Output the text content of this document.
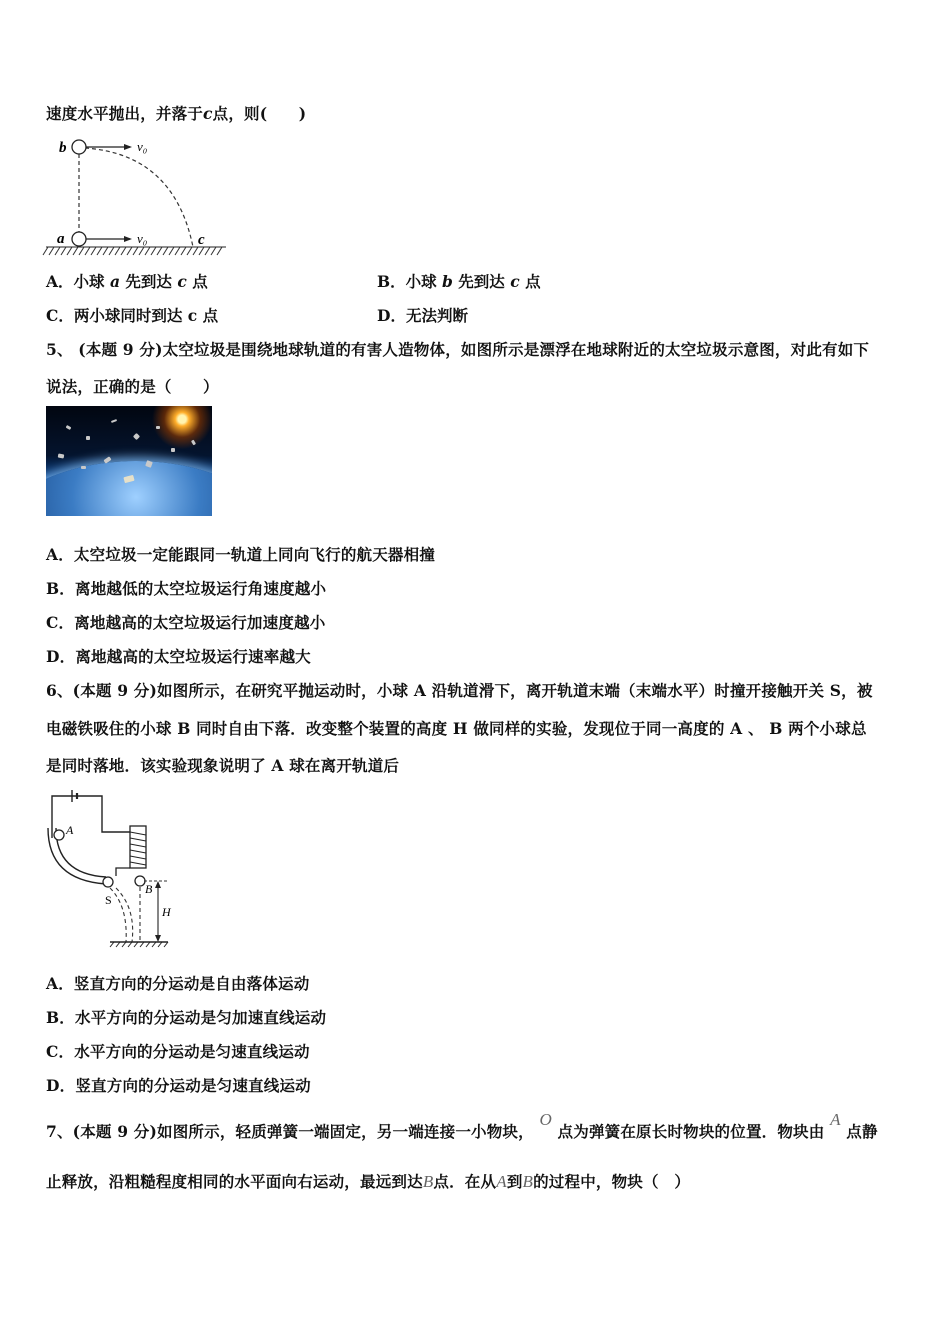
速度水平抛出，并落于c点，则(　　)
b
a	c
v₀
v₀
A．小球 a 先到达 c 点	B．小球 b 先到达 c 点
C．两小球同时到达 c 点	D．无法判断
5、 (本题 9 分)太空垃圾是围绕地球轨道的有害人造物体，如图所示是漂浮在地球附近的太空垃圾示意图，对此有如下
说法，正确的是（　　）
A．太空垃圾一定能跟同一轨道上同向飞行的航天器相撞
B．离地越低的太空垃圾运行角速度越小
C．离地越高的太空垃圾运行加速度越小
D．离地越高的太空垃圾运行速率越大
6、(本题 9 分)如图所示，在研究平抛运动时，小球 A 沿轨道滑下，离开轨道末端（末端水平）时撞开接触开关 S，被
电磁铁吸住的小球 B 同时自由下落．改变整个装置的高度 H 做同样的实验，发现位于同一高度的 A 、 B 两个小球总
是同时落地．该实验现象说明了 A 球在离开轨道后
A
B
S
H
A．竖直方向的分运动是自由落体运动
B．水平方向的分运动是匀加速直线运动
C．水平方向的分运动是匀速直线运动
D．竖直方向的分运动是匀速直线运动
7、(本题 9 分)如图所示，轻质弹簧一端固定，另一端连接一小物块， O 点为弹簧在原长时物块的位置．物块由 A 点静
止释放，沿粗糙程度相同的水平面向右运动，最远到达B点．在从A到B的过程中，物块（　）
